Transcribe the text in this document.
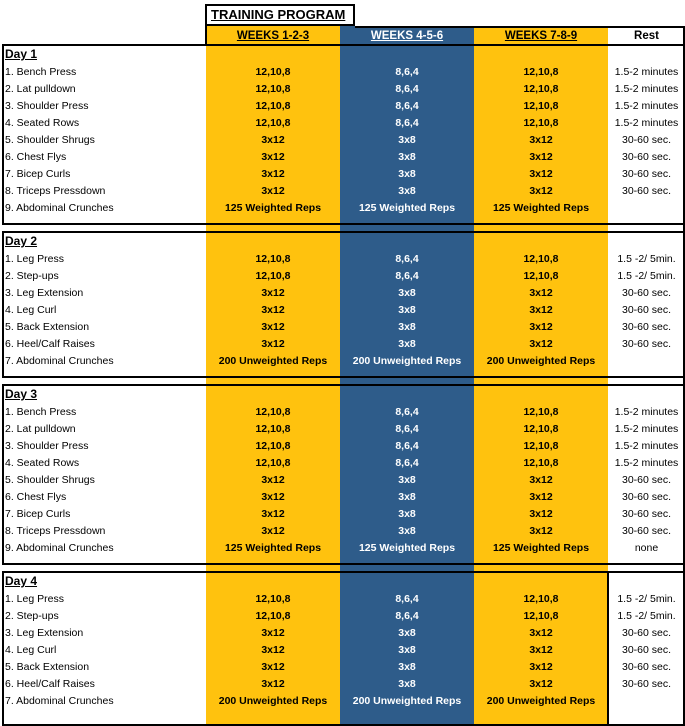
TRAINING PROGRAM
WEEKS 1-2-3	WEEKS 4-5-6	WEEKS 7-8-9	Rest
Day 1
1. Bench Press	12,10,8	8,6,4	12,10,8	1.5-2 minutes
2. Lat pulldown	12,10,8	8,6,4	12,10,8	1.5-2 minutes
3. Shoulder Press	12,10,8	8,6,4	12,10,8	1.5-2 minutes
4. Seated Rows	12,10,8	8,6,4	12,10,8	1.5-2 minutes
5. Shoulder Shrugs	3x12	3x8	3x12	30-60 sec.
6. Chest Flys	3x12	3x8	3x12	30-60 sec.
7. Bicep Curls	3x12	3x8	3x12	30-60 sec.
8. Triceps Pressdown	3x12	3x8	3x12	30-60 sec.
9. Abdominal Crunches	125 Weighted Reps	125 Weighted Reps	125 Weighted Reps
Day 2
1. Leg Press	12,10,8	8,6,4	12,10,8	1.5 -2/ 5min.
2. Step-ups	12,10,8	8,6,4	12,10,8	1.5 -2/ 5min.
3. Leg Extension	3x12	3x8	3x12	30-60 sec.
4. Leg Curl	3x12	3x8	3x12	30-60 sec.
5. Back Extension	3x12	3x8	3x12	30-60 sec.
6. Heel/Calf Raises	3x12	3x8	3x12	30-60 sec.
7. Abdominal Crunches	200 Unweighted Reps	200 Unweighted Reps	200 Unweighted Reps
Day 3
1. Bench Press	12,10,8	8,6,4	12,10,8	1.5-2 minutes
2. Lat pulldown	12,10,8	8,6,4	12,10,8	1.5-2 minutes
3. Shoulder Press	12,10,8	8,6,4	12,10,8	1.5-2 minutes
4. Seated Rows	12,10,8	8,6,4	12,10,8	1.5-2 minutes
5. Shoulder Shrugs	3x12	3x8	3x12	30-60 sec.
6. Chest Flys	3x12	3x8	3x12	30-60 sec.
7. Bicep Curls	3x12	3x8	3x12	30-60 sec.
8. Triceps Pressdown	3x12	3x8	3x12	30-60 sec.
9. Abdominal Crunches	125 Weighted Reps	125 Weighted Reps	125 Weighted Reps	none
Day 4
1. Leg Press	12,10,8	8,6,4	12,10,8	1.5 -2/ 5min.
2. Step-ups	12,10,8	8,6,4	12,10,8	1.5 -2/ 5min.
3. Leg Extension	3x12	3x8	3x12	30-60 sec.
4. Leg Curl	3x12	3x8	3x12	30-60 sec.
5. Back Extension	3x12	3x8	3x12	30-60 sec.
6. Heel/Calf Raises	3x12	3x8	3x12	30-60 sec.
7. Abdominal Crunches	200 Unweighted Reps	200 Unweighted Reps	200 Unweighted Reps
